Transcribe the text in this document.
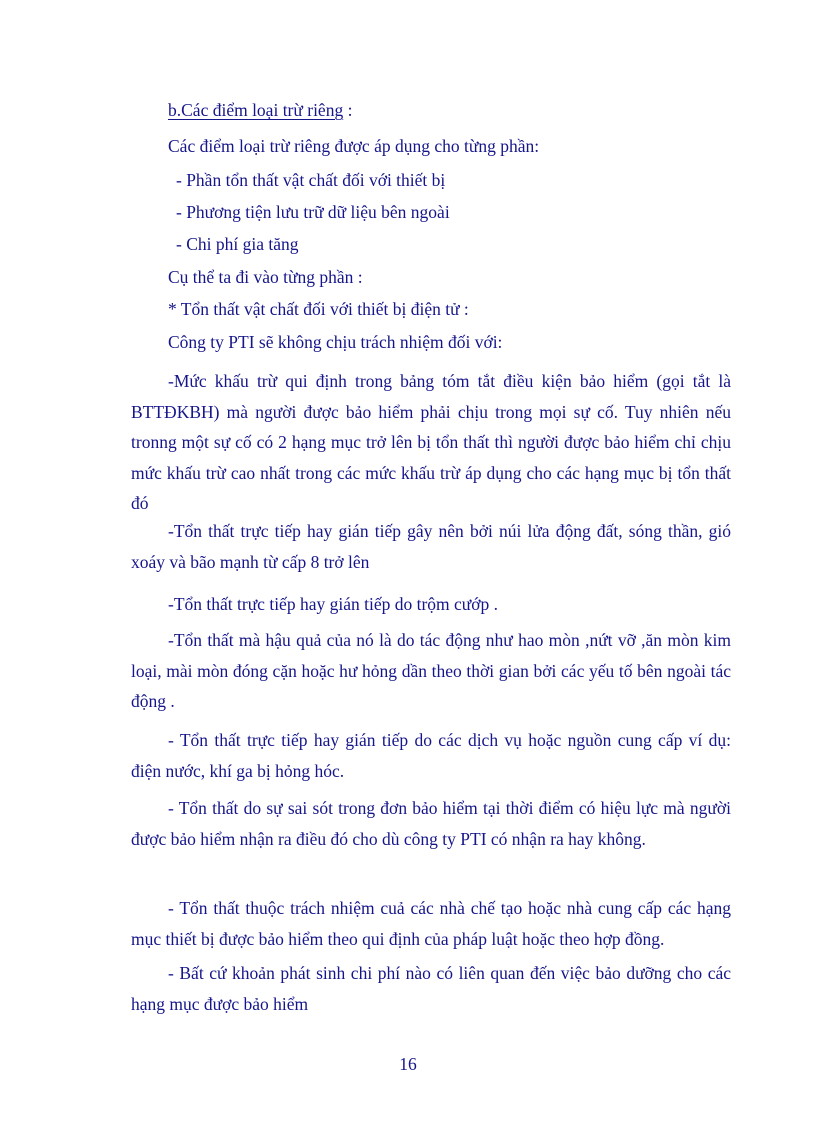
b.Các điểm loại trừ riêng :

Các điểm loại trừ riêng được áp dụng cho từng phần:

- Phần tổn thất vật chất đối với thiết bị

- Phương tiện lưu trữ dữ liệu bên ngoài

- Chi phí gia tăng

Cụ thể ta đi vào từng phần :

* Tổn thất vật chất đối với thiết bị điện tử :

Công ty PTI sẽ không chịu trách nhiệm đối với:

-Mức khấu trừ qui định trong bảng tóm tắt điều kiện bảo hiểm (gọi tắt là BTTĐKBH) mà người được bảo hiểm phải chịu trong mọi sự cố. Tuy nhiên nếu tronng một sự cố có 2 hạng mục trở lên bị tổn thất thì người được bảo hiểm chỉ chịu mức khấu trừ cao nhất trong các mức khấu trừ áp dụng cho các hạng mục bị tổn thất đó

-Tổn thất trực tiếp hay gián tiếp gây nên bởi núi lửa động đất, sóng thần, gió xoáy và bão mạnh từ cấp 8 trở lên

-Tổn thất trực tiếp hay gián tiếp do trộm cướp .

-Tổn thất mà hậu quả của nó là do tác động như hao mòn ,nứt vỡ ,ăn mòn kim loại, mài mòn đóng cặn hoặc hư hỏng dần theo thời gian bởi các yếu tố bên ngoài tác động .

- Tổn thất trực tiếp hay gián tiếp do các dịch vụ hoặc nguồn cung cấp ví dụ: điện nước, khí ga bị hỏng hóc.

- Tổn thất do sự sai sót trong đơn bảo hiểm tại thời điểm có hiệu lực mà người được bảo hiểm nhận ra điều đó cho dù công ty PTI có nhận ra hay không.

- Tổn thất thuộc trách nhiệm cuả các nhà chế tạo hoặc nhà cung cấp các hạng mục thiết bị được bảo hiểm theo qui định của pháp luật hoặc theo hợp đồng.

- Bất cứ khoản phát sinh chi phí nào có liên quan đến việc bảo dưỡng cho các hạng mục được bảo hiểm

16
